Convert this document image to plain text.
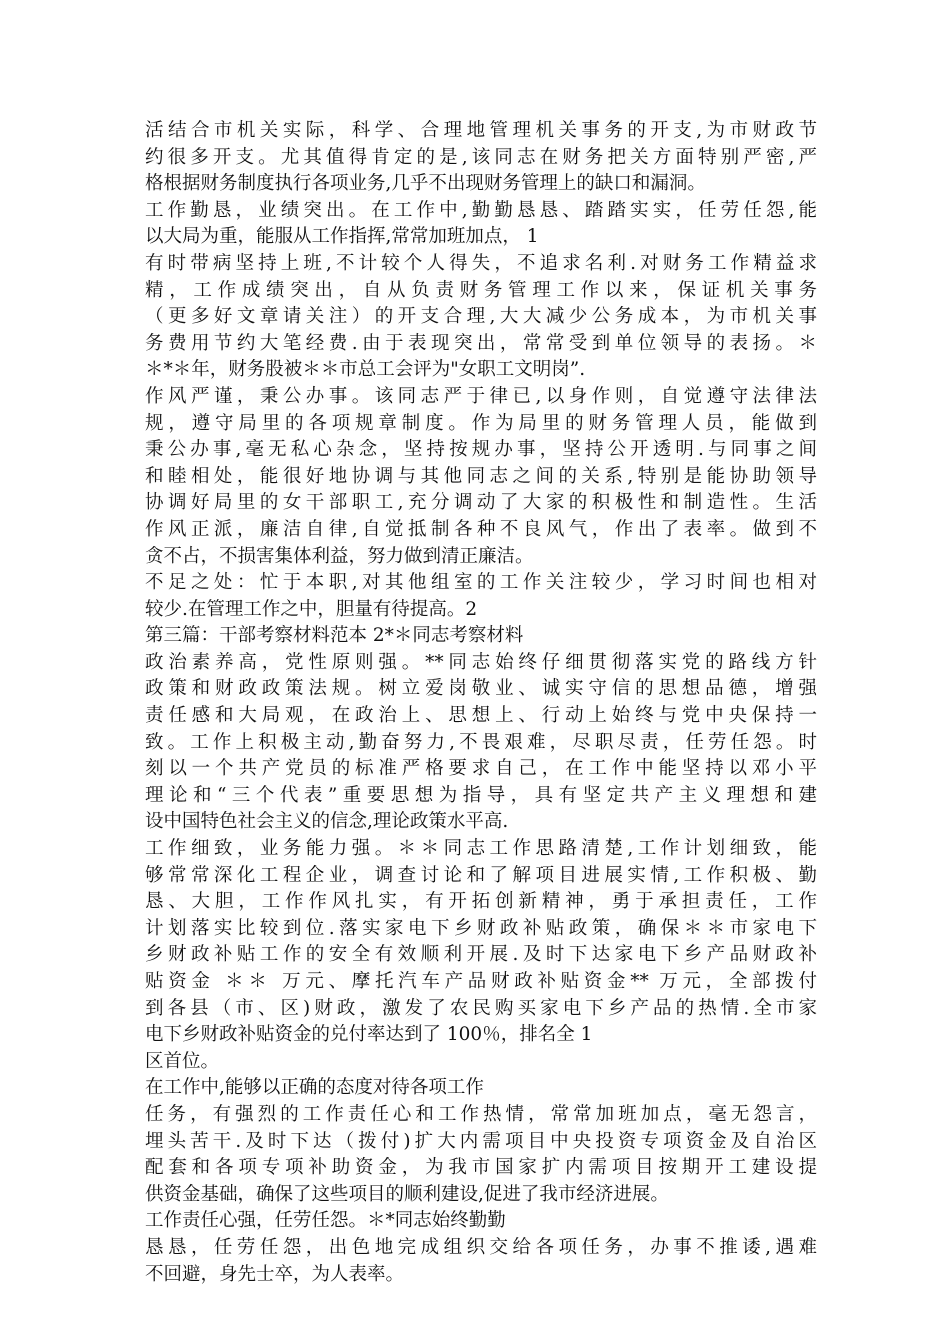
活结合市机关实际，科学、合理地管理机关事务的开支,为市财政节
约很多开支。尤其值得肯定的是,该同志在财务把关方面特别严密,严
格根据财务制度执行各项业务,几乎不出现财务管理上的缺口和漏洞。
工作勤恳，业绩突出。在工作中,勤勤恳恳、踏踏实实，任劳任怨,能
以大局为重，能服从工作指挥,常常加班加点， 1
有时带病坚持上班,不计较个人得失，不追求名利.对财务工作精益求
精，工作成绩突出，自从负责财务管理工作以来，保证机关事务
（更多好文章请关注）的开支合理,大大减少公务成本，为市机关事
务费用节约大笔经费.由于表现突出，常常受到单位领导的表扬。＊
＊*＊年，财务股被＊＊市总工会评为"女职工文明岗”.
作风严谨，秉公办事。该同志严于律已,以身作则，自觉遵守法律法
规，遵守局里的各项规章制度。作为局里的财务管理人员，能做到
秉公办事,毫无私心杂念，坚持按规办事，坚持公开透明.与同事之间
和睦相处，能很好地协调与其他同志之间的关系,特别是能协助领导
协调好局里的女干部职工,充分调动了大家的积极性和制造性。生活
作风正派，廉洁自律,自觉抵制各种不良风气，作出了表率。做到不
贪不占，不损害集体利益，努力做到清正廉洁。
不足之处：忙于本职,对其他组室的工作关注较少，学习时间也相对
较少.在管理工作之中，胆量有待提高。2
第三篇：干部考察材料范本 2*＊同志考察材料
政治素养高，党性原则强。**同志始终仔细贯彻落实党的路线方针
政策和财政政策法规。树立爱岗敬业、诚实守信的思想品德，增强
责任感和大局观，在政治上、思想上、行动上始终与党中央保持一
致。工作上积极主动,勤奋努力,不畏艰难，尽职尽责，任劳任怨。时
刻以一个共产党员的标准严格要求自己，在工作中能坚持以邓小平
理论和“三个代表”重要思想为指导，具有坚定共产主义理想和建
设中国特色社会主义的信念,理论政策水平高.
工作细致，业务能力强。＊＊同志工作思路清楚,工作计划细致，能
够常常深化工程企业，调查讨论和了解项目进展实情,工作积极、勤
恳、大胆，工作作风扎实，有开拓创新精神，勇于承担责任，工作
计划落实比较到位.落实家电下乡财政补贴政策，确保＊＊市家电下
乡财政补贴工作的安全有效顺利开展.及时下达家电下乡产品财政补
贴资金 ＊＊ 万元、摩托汽车产品财政补贴资金** 万元，全部拨付
到各县（市、区)财政，激发了农民购买家电下乡产品的热情.全市家
电下乡财政补贴资金的兑付率达到了 100％，排名全 1
区首位。
在工作中,能够以正确的态度对待各项工作
任务，有强烈的工作责任心和工作热情，常常加班加点，毫无怨言，
埋头苦干.及时下达（拨付)扩大内需项目中央投资专项资金及自治区
配套和各项专项补助资金，为我市国家扩内需项目按期开工建设提
供资金基础，确保了这些项目的顺利建设,促进了我市经济进展。
工作责任心强，任劳任怨。＊*同志始终勤勤
恳恳，任劳任怨，出色地完成组织交给各项任务，办事不推诿,遇难
不回避，身先士卒，为人表率。
